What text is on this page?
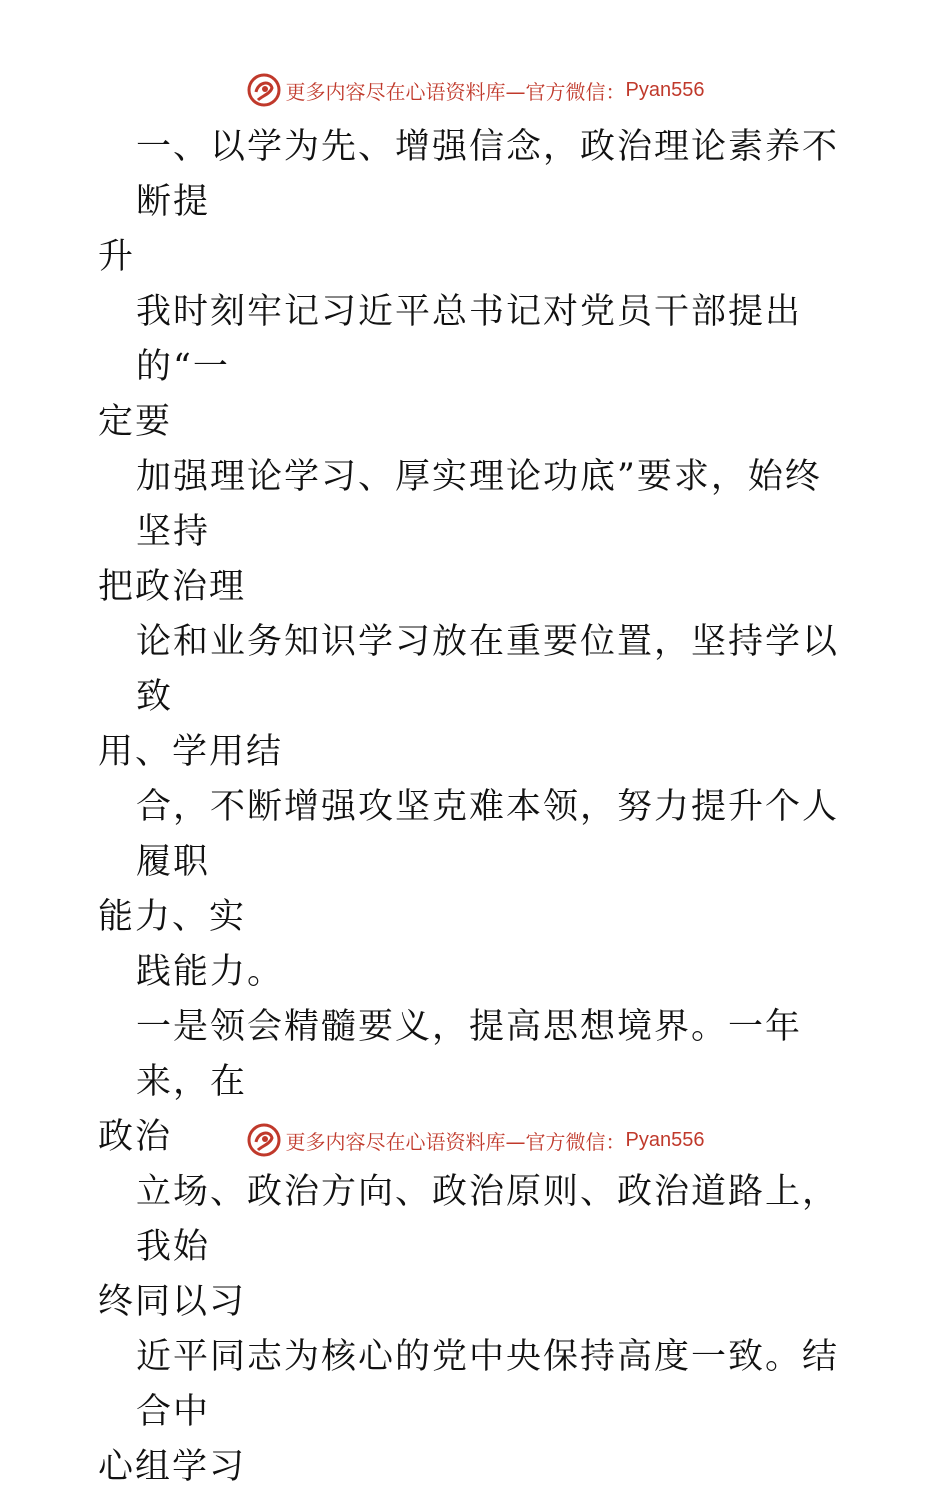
更多内容尽在心语资料库—官方微信： Pyan556

一、以学为先、增强信念，政治理论素养不断提
升

我时刻牢记习近平总书记对党员干部提出的“一
定要

加强理论学习、厚实理论功底”要求，始终坚持
把政治理

论和业务知识学习放在重要位置，坚持学以致
用、学用结

合，不断增强攻坚克难本领，努力提升个人履职
能力、实

践能力。

一是领会精髓要义，提高思想境界。一年来，在
政治

立场、政治方向、政治原则、政治道路上，我始
终同以习

近平同志为核心的党中央保持高度一致。结合中
心组学习

更多内容尽在心语资料库—官方微信： Pyan556
